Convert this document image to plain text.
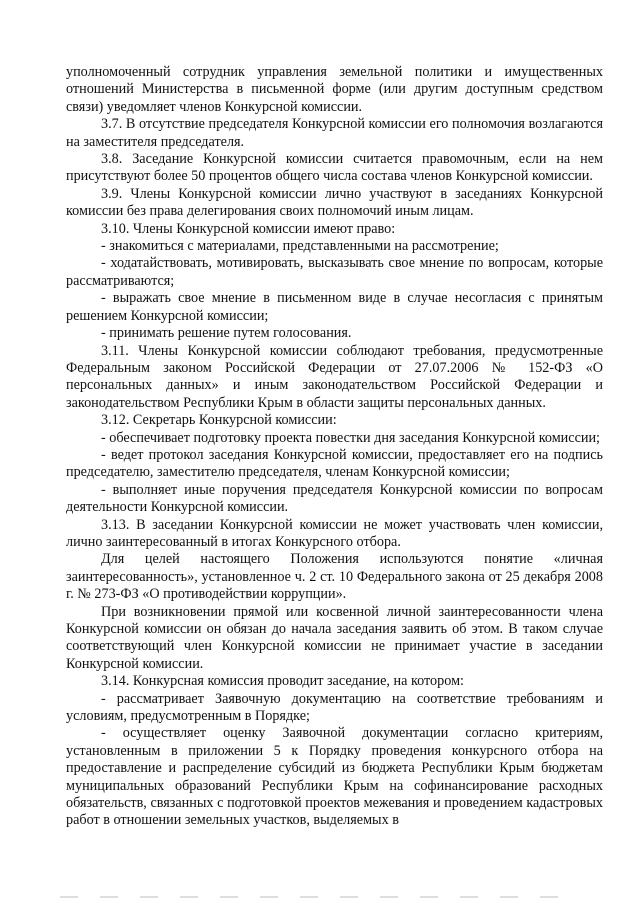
уполномоченный сотрудник управления земельной политики и имущественных отношений Министерства в письменной форме (или другим доступным средством связи) уведомляет членов Конкурсной комиссии.

3.7. В отсутствие председателя Конкурсной комиссии его полномочия возлагаются на заместителя председателя.

3.8. Заседание Конкурсной комиссии считается правомочным, если на нем присутствуют более 50 процентов общего числа состава членов Конкурсной комиссии.

3.9. Члены Конкурсной комиссии лично участвуют в заседаниях Конкурсной комиссии без права делегирования своих полномочий иным лицам.

3.10. Члены Конкурсной комиссии имеют право:

- знакомиться с материалами, представленными на рассмотрение;

- ходатайствовать, мотивировать, высказывать свое мнение по вопросам, которые рассматриваются;

- выражать свое мнение в письменном виде в случае несогласия с принятым решением Конкурсной комиссии;

- принимать решение путем голосования.

3.11. Члены Конкурсной комиссии соблюдают требования, предусмотренные Федеральным законом Российской Федерации от 27.07.2006 № 152-ФЗ «О персональных данных» и иным законодательством Российской Федерации и законодательством Республики Крым в области защиты персональных данных.

3.12. Секретарь Конкурсной комиссии:

- обеспечивает подготовку проекта повестки дня заседания Конкурсной комиссии;

- ведет протокол заседания Конкурсной комиссии, предоставляет его на подпись председателю, заместителю председателя, членам Конкурсной комиссии;

- выполняет иные поручения председателя Конкурсной комиссии по вопросам деятельности Конкурсной комиссии.

3.13. В заседании Конкурсной комиссии не может участвовать член комиссии, лично заинтересованный в итогах Конкурсного отбора.

Для целей настоящего Положения используются понятие «личная заинтересованность», установленное ч. 2 ст. 10 Федерального закона от 25 декабря 2008 г. № 273-ФЗ «О противодействии коррупции».

При возникновении прямой или косвенной личной заинтересованности члена Конкурсной комиссии он обязан до начала заседания заявить об этом. В таком случае соответствующий член Конкурсной комиссии не принимает участие в заседании Конкурсной комиссии.

3.14. Конкурсная комиссия проводит заседание, на котором:

- рассматривает Заявочную документацию на соответствие требованиям и условиям, предусмотренным в Порядке;

- осуществляет оценку Заявочной документации согласно критериям, установленным в приложении 5 к Порядку проведения конкурсного отбора на предоставление и распределение субсидий из бюджета Республики Крым бюджетам муниципальных образований Республики Крым на софинансирование расходных обязательств, связанных с подготовкой проектов межевания и проведением кадастровых работ в отношении земельных участков, выделяемых в
